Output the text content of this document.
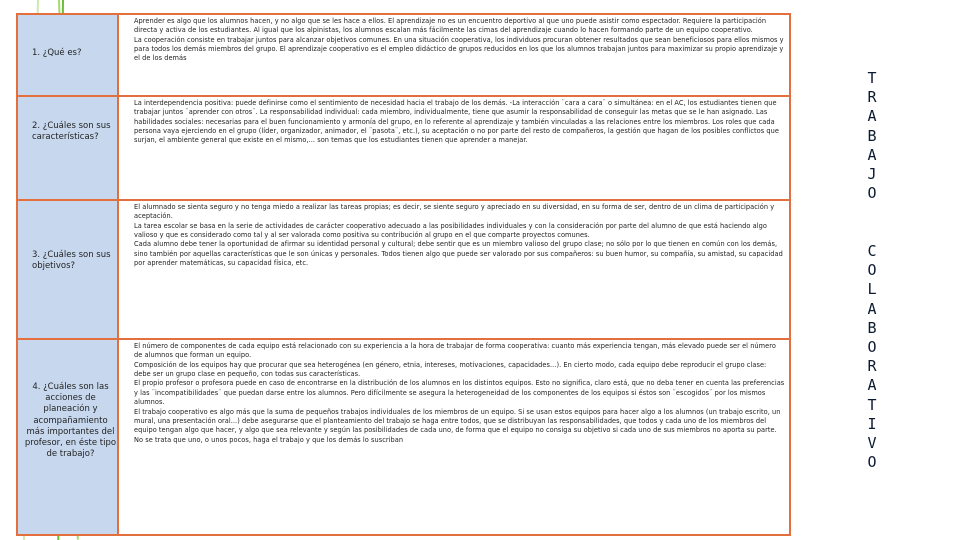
1. ¿Qué es?	Aprender es algo que los alumnos hacen, y no algo que se les hace a ellos. El aprendizaje no es un encuentro deportivo al que uno puede asistir como espectador. Requiere la participación directa y activa de los estudiantes. Al igual que los alpinistas, los alumnos escalan más fácilmente las cimas del aprendizaje cuando lo hacen formando parte de un equipo cooperativo.

La cooperación consiste en trabajar juntos para alcanzar objetivos comunes. En una situación cooperativa, los individuos procuran obtener resultados que sean beneficiosos para ellos mismos y para todos los demás miembros del grupo. El aprendizaje cooperativo es el empleo didáctico de grupos reducidos en los que los alumnos trabajan juntos para maximizar su propio aprendizaje y el de los demás

2. ¿Cuáles son sus características?	La interdependencia positiva: puede definirse como el sentimiento de necesidad hacia el trabajo de los demás. -La interacción ¨cara a cara¨ o simultánea: en el AC, los estudiantes tienen que trabajar juntos ¨aprender con otros¨. La responsabilidad individual: cada miembro, individualmente, tiene que asumir la responsabilidad de conseguir las metas que se le han asignado. Las habilidades sociales: necesarias para el buen funcionamiento y armonía del grupo, en lo referente al aprendizaje y también vinculadas a las relaciones entre los miembros. Los roles que cada persona vaya ejerciendo en el grupo (líder, organizador, animador, el ¨pasota¨, etc.), su aceptación o no por parte del resto de compañeros, la gestión que hagan de los posibles conflictos que surjan, el ambiente general que existe en el mismo,... son temas que los estudiantes tienen que aprender a manejar.

3. ¿Cuáles son sus objetivos?	El alumnado se sienta seguro y no tenga miedo a realizar las tareas propias; es decir, se siente seguro y apreciado en su diversidad, en su forma de ser, dentro de un clima de participación y aceptación.

La tarea escolar se basa en la serie de actividades de carácter cooperativo adecuado a las posibilidades individuales y con la consideración por parte del alumno de que está haciendo algo valioso y que es considerado como tal y al ser valorada como positiva su contribución al grupo en el que comparte proyectos comunes.

Cada alumno debe tener la oportunidad de afirmar su identidad personal y cultural; debe sentir que es un miembro valioso del grupo clase; no sólo por lo que tienen en común con los demás, sino también por aquellas características que le son únicas y personales. Todos tienen algo que puede ser valorado por sus compañeros: su buen humor, su compañía, su amistad, su capacidad por aprender matemáticas, su capacidad física, etc.

4. ¿Cuáles son las acciones de planeación y acompañamiento más importantes del profesor, en éste tipo de trabajo?	El número de componentes de cada equipo está relacionado con su experiencia a la hora de trabajar de forma cooperativa: cuanto más experiencia tengan, más elevado puede ser el número de alumnos que forman un equipo.

Composición de los equipos hay que procurar que sea heterogénea (en género, etnia, intereses, motivaciones, capacidades...). En cierto modo, cada equipo debe reproducir el grupo clase: debe ser un grupo clase en pequeño, con todas sus características.

El propio profesor o profesora puede en caso de encontrarse en la distribución de los alumnos en los distintos equipos. Esto no significa, claro está, que no deba tener en cuenta las preferencias y las ¨incompatibilidades¨ que puedan darse entre los alumnos. Pero difícilmente se asegura la heterogeneidad de los componentes de los equipos si éstos son ¨escogidos¨ por los mismos alumnos.

El trabajo cooperativo es algo más que la suma de pequeños trabajos individuales de los miembros de un equipo. Si se usan estos equipos para hacer algo a los alumnos (un trabajo escrito, un mural, una presentación oral...) debe asegurarse que el planteamiento del trabajo se haga entre todos, que se distribuyan las responsabilidades, que todos y cada uno de los miembros del equipo tengan algo que hacer, y algo que sea relevante y según las posibilidades de cada uno, de forma que el equipo no consiga su objetivo si cada uno de sus miembros no aporta su parte. No se trata que uno, o unos pocos, haga el trabajo y que los demás lo suscriban

T
R
A
B
A
J
O
C
O
L
A
B
O
R
A
T
I
V
O
